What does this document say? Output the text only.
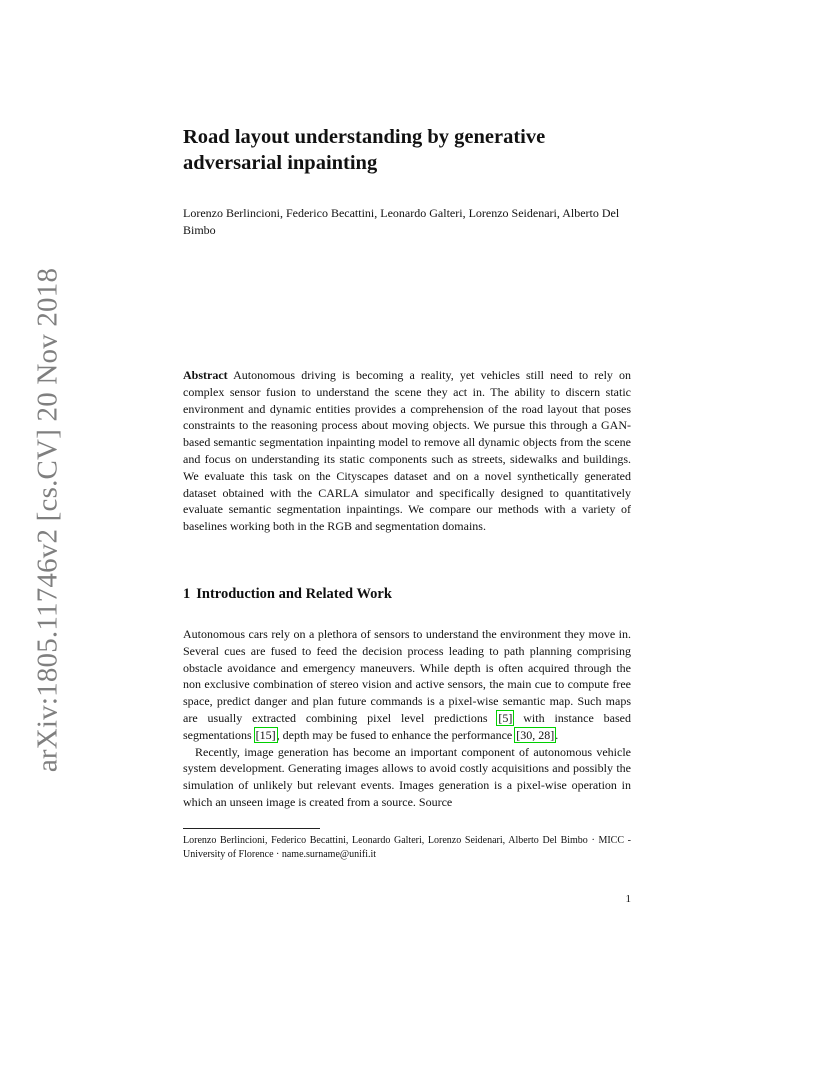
arXiv:1805.11746v2 [cs.CV] 20 Nov 2018
Road layout understanding by generative adversarial inpainting

Lorenzo Berlincioni, Federico Becattini, Leonardo Galteri, Lorenzo Seidenari, Alberto Del Bimbo

Abstract Autonomous driving is becoming a reality, yet vehicles still need to rely on complex sensor fusion to understand the scene they act in. The ability to discern static environment and dynamic entities provides a comprehension of the road layout that poses constraints to the reasoning process about moving objects. We pursue this through a GAN-based semantic segmentation inpainting model to remove all dynamic objects from the scene and focus on understanding its static components such as streets, sidewalks and buildings. We evaluate this task on the Cityscapes dataset and on a novel synthetically generated dataset obtained with the CARLA simulator and specifically designed to quantitatively evaluate semantic segmentation inpaintings. We compare our methods with a variety of baselines working both in the RGB and segmentation domains.

1 Introduction and Related Work

Autonomous cars rely on a plethora of sensors to understand the environment they move in. Several cues are fused to feed the decision process leading to path planning comprising obstacle avoidance and emergency maneuvers. While depth is often acquired through the non exclusive combination of stereo vision and active sensors, the main cue to compute free space, predict danger and plan future commands is a pixel-wise semantic map. Such maps are usually extracted combining pixel level predictions [5] with instance based segmentations [15], depth may be fused to enhance the performance [30, 28].

Recently, image generation has become an important component of autonomous vehicle system development. Generating images allows to avoid costly acquisitions and possibly the simulation of unlikely but relevant events. Images generation is a pixel-wise operation in which an unseen image is created from a source. Source

Lorenzo Berlincioni, Federico Becattini, Leonardo Galteri, Lorenzo Seidenari, Alberto Del Bimbo · MICC - University of Florence · name.surname@unifi.it

1
